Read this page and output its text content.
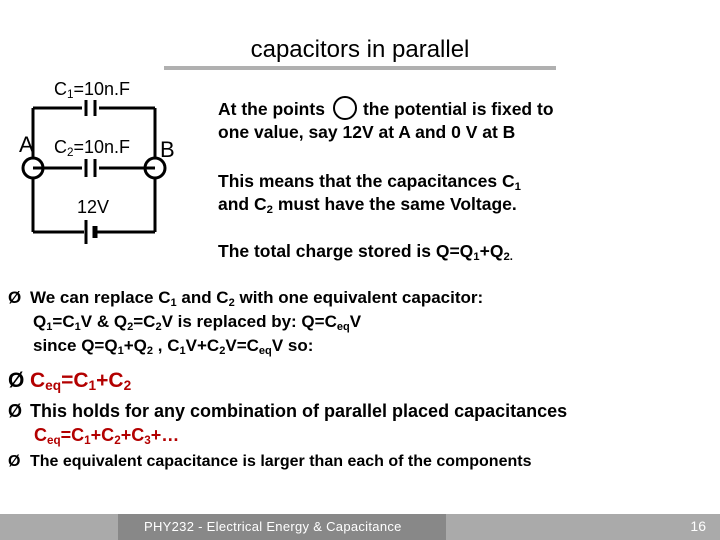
capacitors in parallel
$C_1=10n.F$
$C_2=10n.F$
A	B
12V
At the points the potential is fixed to
one value, say 12V at A and 0 V at B
This means that the capacitances $C_1$
and $C_2$ must have the same Voltage.
The total charge stored is $Q=Q_1+Q_{2.}$
Ø We can replace $C_1$ and $C_2$ with one equivalent capacitor:
$Q_1=C_1V$ & $Q_2=C_2V$ is replaced by: $Q=C_{eq}V$
since $Q=Q_1+Q_2$ , $C_1V+C_2V=C_{eq}V$ so:
Ø $C_{eq}=C_1+C_2$
Ø This holds for any combination of parallel placed capacitances
$C_{eq}=C_1+C_2+C_3+\dots$
Ø The equivalent capacitance is larger than each of the components
PHY232 - Electrical Energy & Capacitance	16
